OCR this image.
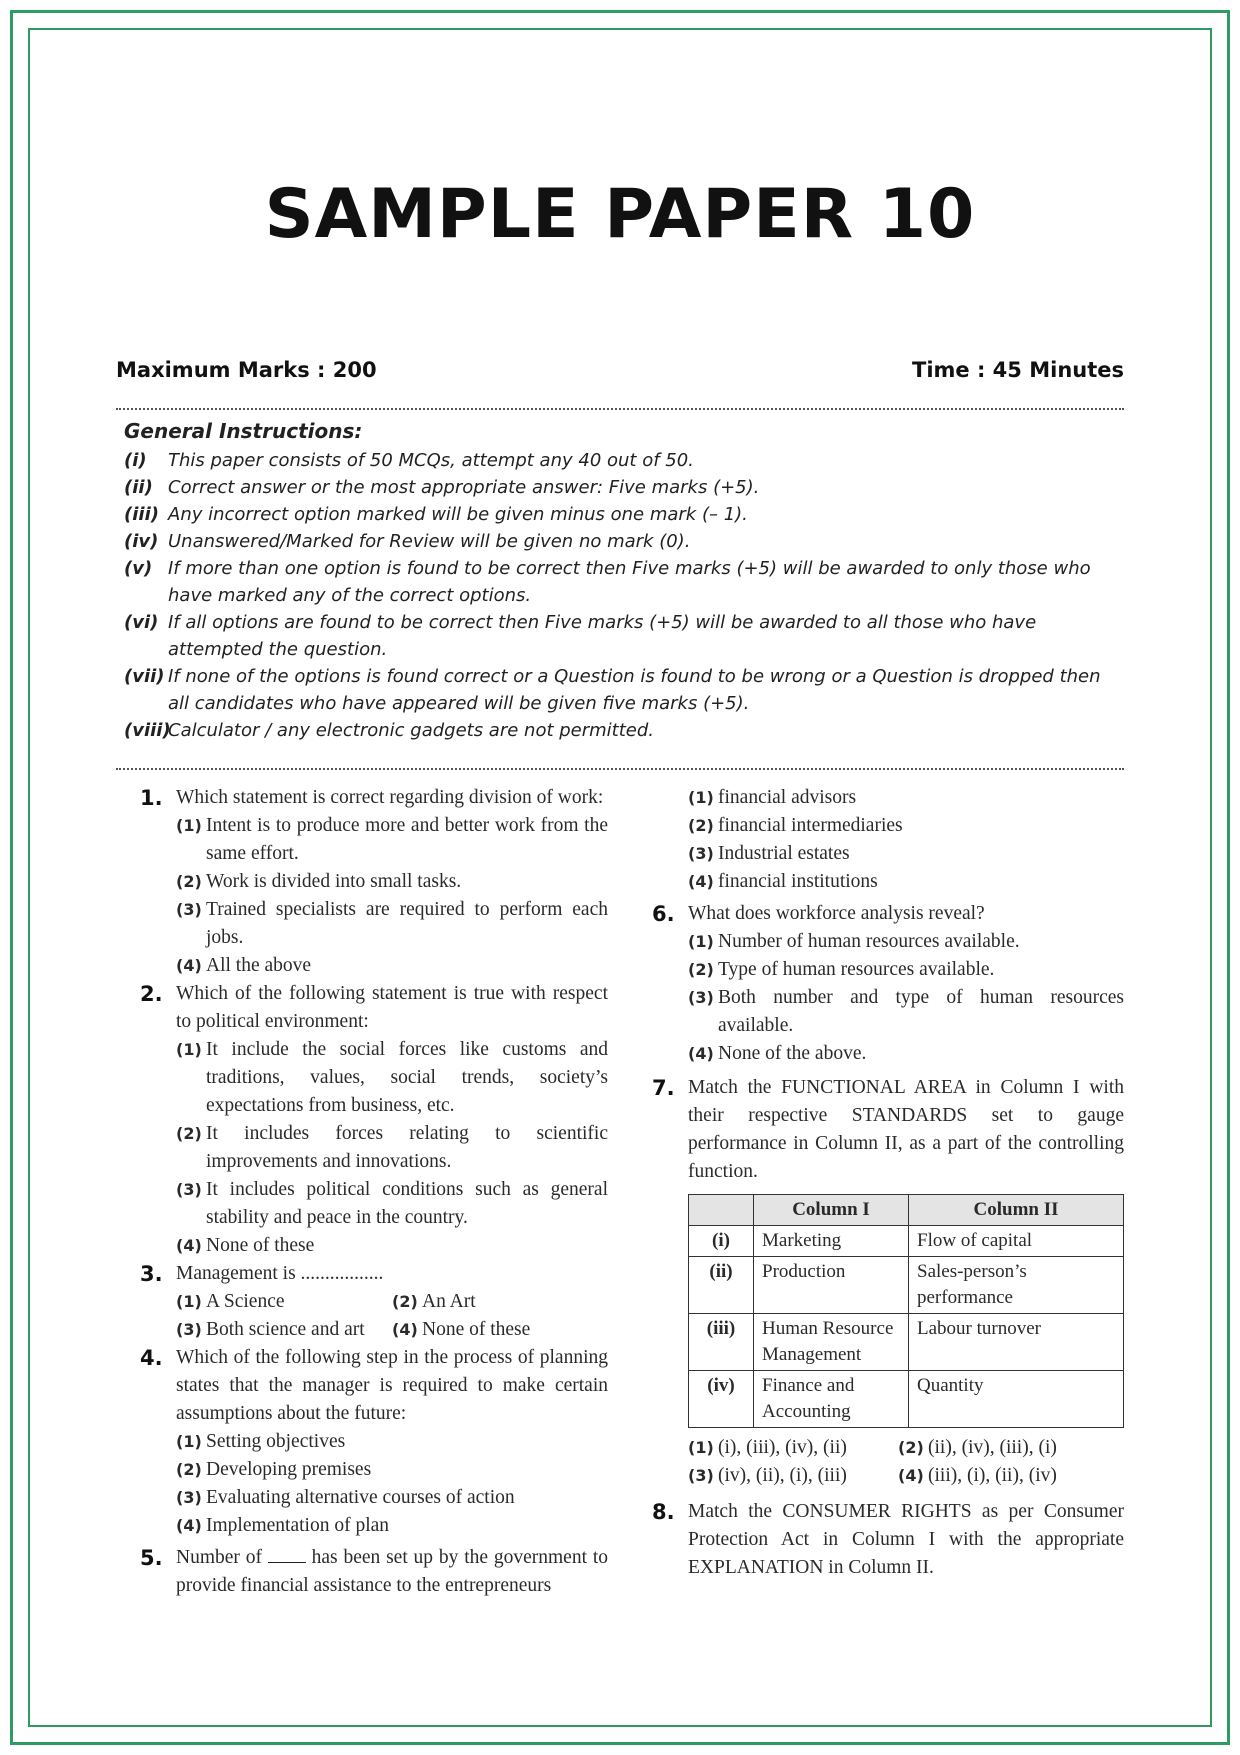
SAMPLE PAPER 10
Maximum Marks : 200	Time : 45 Minutes
General Instructions:
(i)	This paper consists of 50 MCQs, attempt any 40 out of 50.
(ii) Correct answer or the most appropriate answer: Five marks (+5).
(iii) Any incorrect option marked will be given minus one mark (– 1).
(iv) Unanswered/Marked for Review will be given no mark (0).
(v) If more than one option is found to be correct then Five marks (+5) will be awarded to only those who have marked any of the correct options.
(vi) If all options are found to be correct then Five marks (+5) will be awarded to all those who have attempted the question.
(vii) If none of the options is found correct or a Question is found to be wrong or a Question is dropped then all candidates who have appeared will be given five marks (+5).
(viii)
Calculator / any electronic gadgets are not permitted.
1. Which statement is correct regarding division of work:
(1) Intent is to produce more and better work from the same effort.
(2) Work is divided into small tasks.
(3) Trained specialists are required to perform each jobs.
(4) All the above
2. Which of the following statement is true with respect to political environment:
(1) It include the social forces like customs and traditions, values, social trends, society’s expectations from business, etc.
(2) It includes forces relating to scientific improvements and innovations.
(3) It includes political conditions such as general stability and peace in the country.
(4) None of these
3. Management is .................
(1) A Science	(2) An Art
(3) Both science and art (4) None of these
4. Which of the following step in the process of planning states that the manager is required to make certain assumptions about the future:
(1) Setting objectives
(2) Developing premises
(3) Evaluating alternative courses of action
(4) Implementation of plan
5. Number of	has been set up by the government to provide financial assistance to the entrepreneurs
(1) financial advisors
(2) financial intermediaries
(3) Industrial estates
(4) financial institutions
6. What does workforce analysis reveal?
(1) Number of human resources available.
(2) Type of human resources available.
(3) Both number and type of human resources available.
(4) None of the above.
7. Match the FUNCTIONAL AREA in Column I with their respective STANDARDS set to gauge performance in Column II, as a part of the controlling function.
	Column I	Column II
(i)	Marketing	Flow of capital
(ii)	Production	Sales-person’s performance
(iii)	Human Resource Management	Labour turnover
(iv)	Finance and Accounting	Quantity
(1) (i), (iii), (iv), (ii)	(2) (ii), (iv), (iii), (i)
(3) (iv), (ii), (i), (iii)	(4) (iii), (i), (ii), (iv)
8. Match the CONSUMER RIGHTS as per Consumer Protection Act in Column I with the appropriate EXPLANATION in Column II.
